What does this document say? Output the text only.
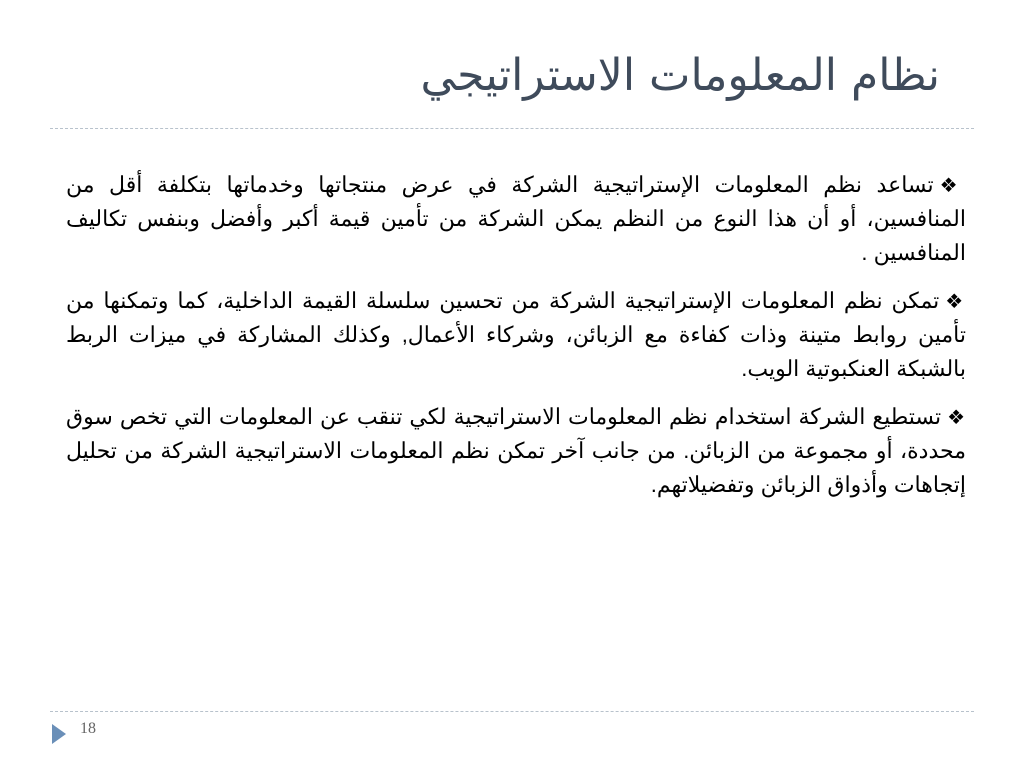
نظام المعلومات الاستراتيجي

❖تساعد نظم المعلومات الإستراتيجية الشركة في عرض منتجاتها وخدماتها بتكلفة أقل من المنافسين، أو أن هذا النوع من النظم يمكن الشركة من تأمين قيمة أكبر وأفضل وبنفس تكاليف المنافسين .

❖تمكن نظم المعلومات الإستراتيجية الشركة من تحسين سلسلة القيمة الداخلية، كما وتمكنها من تأمين روابط متينة وذات كفاءة مع الزبائن، وشركاء الأعمال, وكذلك المشاركة في ميزات الربط بالشبكة العنكبوتية الويب.

❖تستطيع الشركة استخدام نظم المعلومات الاستراتيجية لكي تنقب عن المعلومات التي تخص سوق محددة، أو مجموعة من الزبائن. من جانب آخر تمكن نظم المعلومات الاستراتيجية الشركة من تحليل إتجاهات وأذواق الزبائن وتفضيلاتهم.

18
